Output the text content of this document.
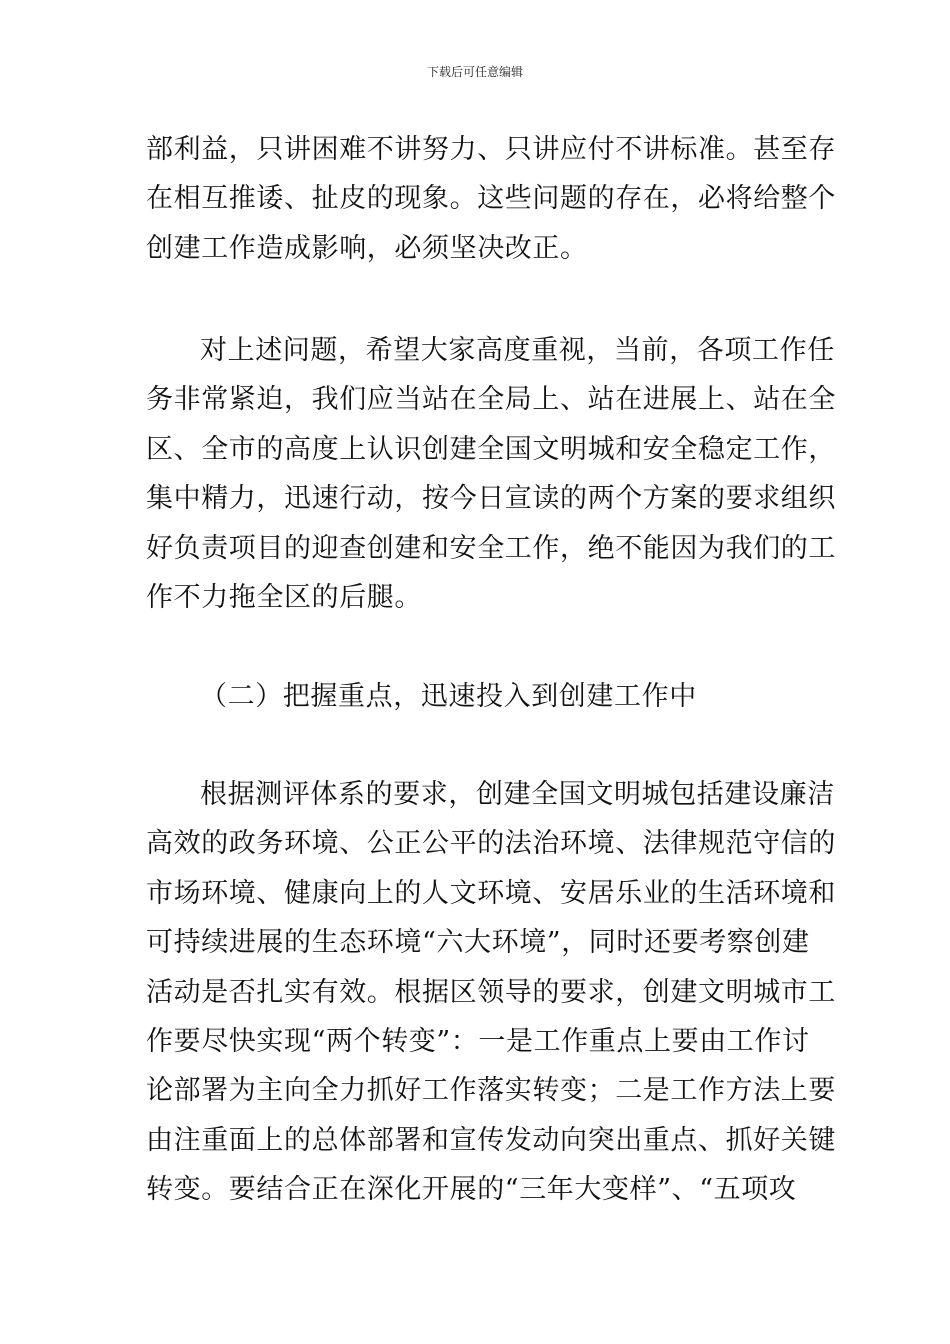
下载后可任意编辑
部利益，只讲困难不讲努力、只讲应付不讲标准。甚至存
在相互推诿、扯皮的现象。这些问题的存在，必将给整个
创建工作造成影响，必须坚决改正。
对上述问题，希望大家高度重视，当前，各项工作任
务非常紧迫，我们应当站在全局上、站在进展上、站在全
区、全市的高度上认识创建全国文明城和安全稳定工作，
集中精力，迅速行动，按今日宣读的两个方案的要求组织
好负责项目的迎查创建和安全工作，绝不能因为我们的工
作不力拖全区的后腿。
（二）把握重点，迅速投入到创建工作中
根据测评体系的要求，创建全国文明城包括建设廉洁
高效的政务环境、公正公平的法治环境、法律规范守信的
市场环境、健康向上的人文环境、安居乐业的生活环境和
可持续进展的生态环境“六大环境”，同时还要考察创建
活动是否扎实有效。根据区领导的要求，创建文明城市工
作要尽快实现“两个转变”：一是工作重点上要由工作讨
论部署为主向全力抓好工作落实转变；二是工作方法上要
由注重面上的总体部署和宣传发动向突出重点、抓好关键
转变。要结合正在深化开展的“三年大变样”、“五项攻
